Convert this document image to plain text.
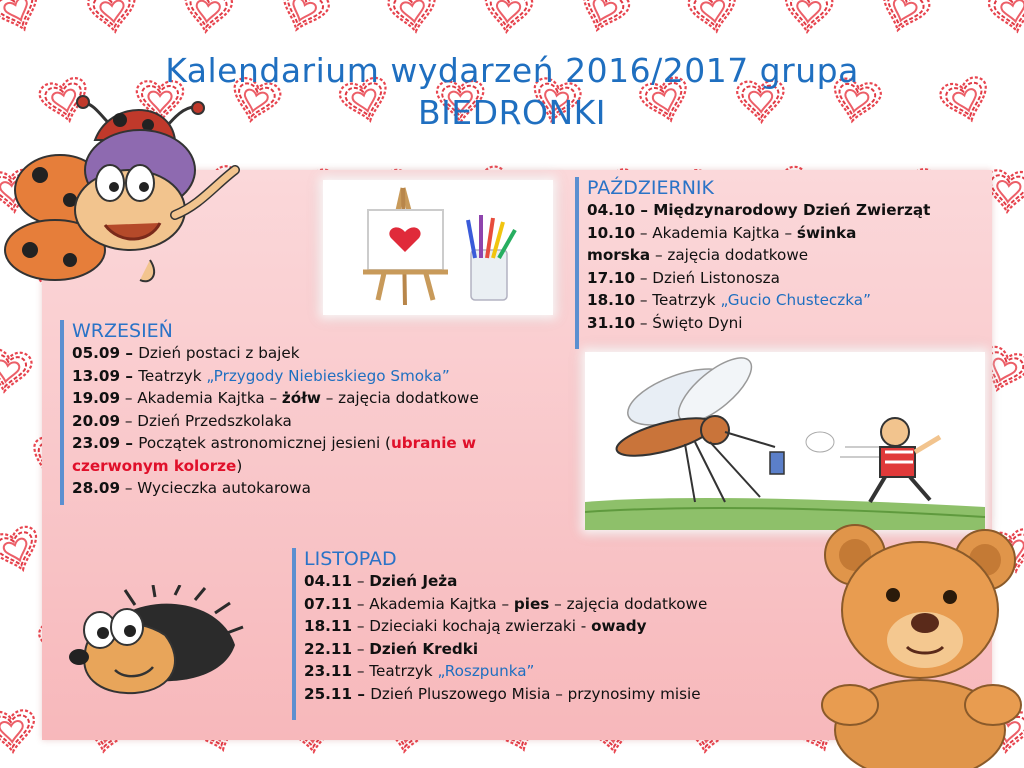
Kalendarium wydarzeń 2016/2017 grupa
BIEDRONKI
WRZESIEŃ
05.09 – Dzień postaci z bajek
13.09 – Teatrzyk „Przygody Niebieskiego Smoka”
19.09 – Akademia Kajtka – żółw – zajęcia dodatkowe
20.09 – Dzień Przedszkolaka
23.09 – Początek astronomicznej jesieni (ubranie w
czerwonym kolorze)
28.09 – Wycieczka autokarowa
PAŹDZIERNIK
04.10 – Międzynarodowy Dzień Zwierząt
10.10 – Akademia Kajtka – świnka
morska – zajęcia dodatkowe
17.10 – Dzień Listonosza
18.10 – Teatrzyk „Gucio Chusteczka”
31.10 – Święto Dyni
LISTOPAD
04.11 – Dzień Jeża
07.11 – Akademia Kajtka – pies – zajęcia dodatkowe
18.11 – Dzieciaki kochają zwierzaki - owady
22.11 – Dzień Kredki
23.11 – Teatrzyk „Roszpunka”
25.11 – Dzień Pluszowego Misia – przynosimy misie
